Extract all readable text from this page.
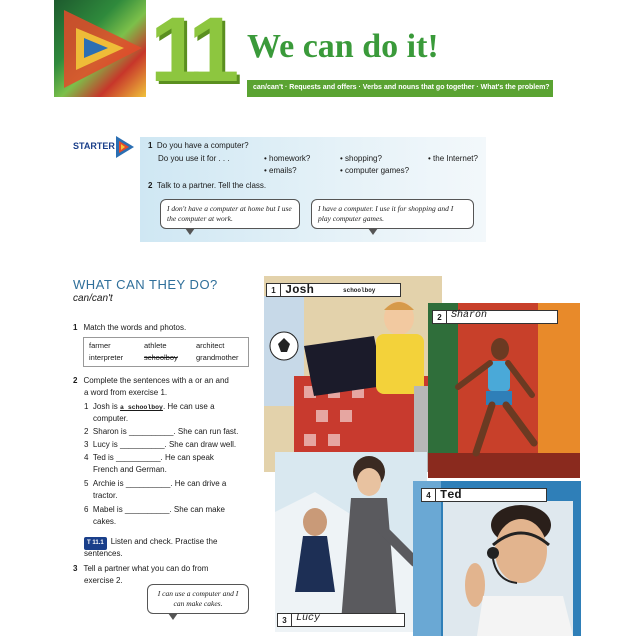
11 We can do it!
can/can't · Requests and offers · Verbs and nouns that go together · What's the problem?
STARTER	1 Do you have a computer?
Do you use it for . . .
•	homework?
• emails?
• shopping?
• computer games?
• the Internet?
2 Talk to a partner. Tell the class.
I don't have a computer at home but I use the computer at work.
I have a computer. I use it for shopping and I play computer games.
WHAT CAN THEY DO?
can/can't
1 Match the words and photos.
farmer	athlete	architect
interpreter	schoolboy grandmother
2 Complete the sentences with a or an and
a word from exercise 1.
1 Josh is a schoolboy. He can use a
computer.
2 Sharon is __________. She can run fast.
3 Lucy is __________. She can draw well.
4 Ted is __________. He can speak
French and German.
5 Archie is __________. He can drive a
tractor.
6 Mabel is __________. She can make
cakes.
T 11.1 Listen and check. Practise the
sentences.
3 Tell a partner what you can do from
exercise 2.
I can use a computer and I can make cakes.
1 Josh	schoolboy
2 Sharon
3 Lucy
4 Ted
